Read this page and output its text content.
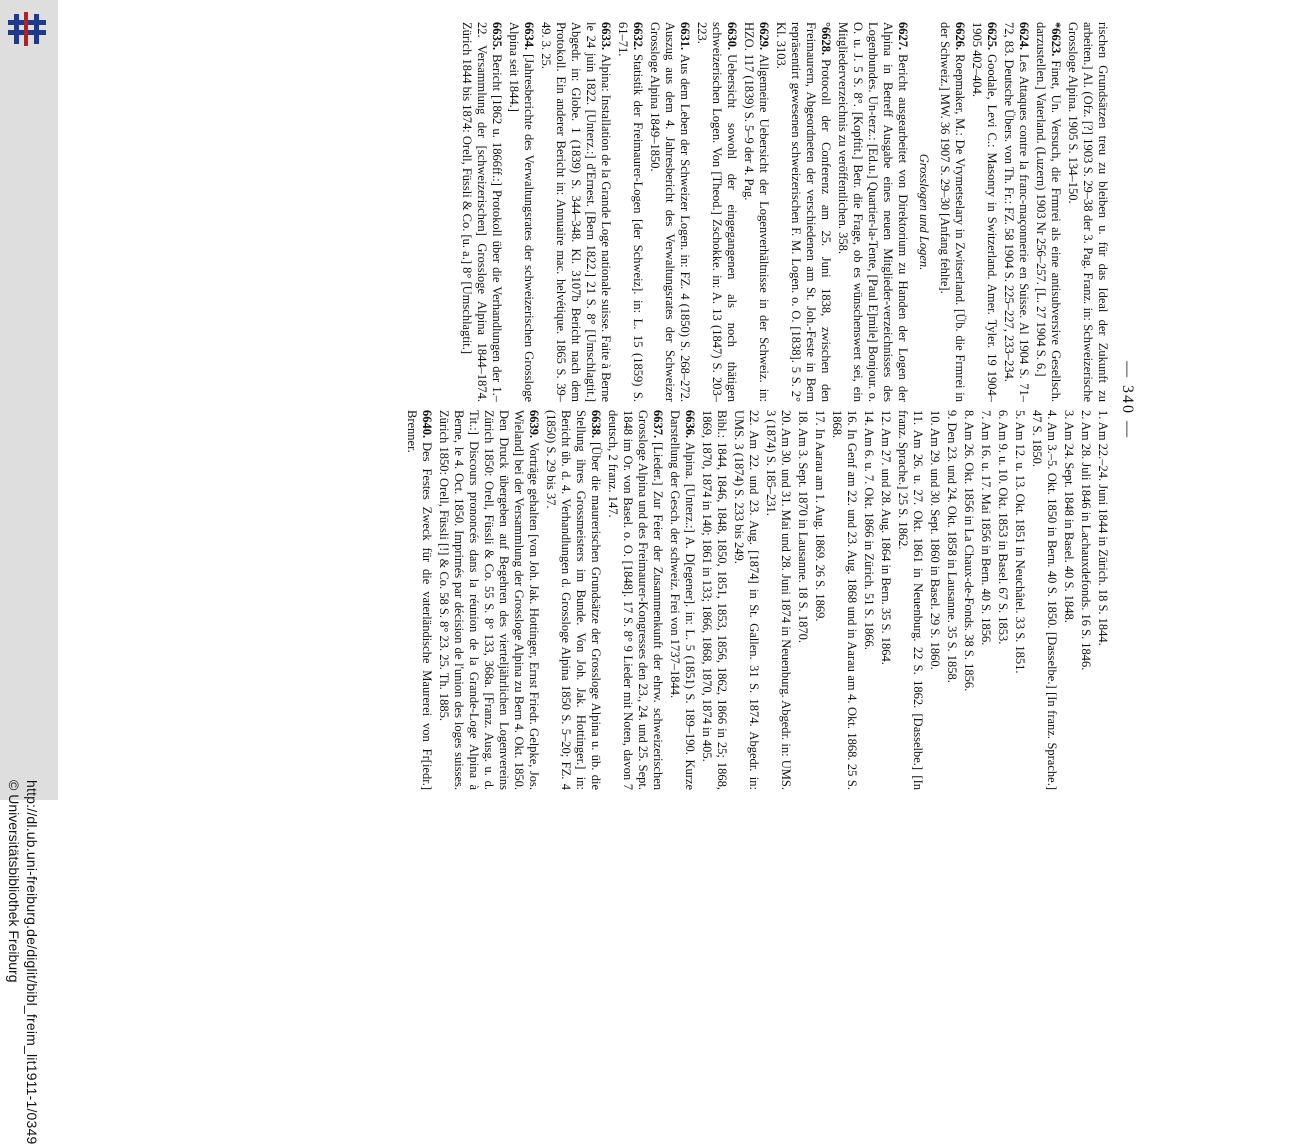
http://dl.ub.uni-freiburg.de/diglit/bibl_freim_lit1911-1/0349
© Universitätsbibliothek Freiburg
— 340 —
rischen Grundsätzen treu zu bleiben u. für das Ideal der Zukunft zu arbeiten.] Al. (Ofz. [?] 1903 S. 29–38 der 3. Pag. Franz. in: Schweizerische Grossloge Alpina. 1905 S. 134–150.
*6623.Finet, Un. Versuch, die Frmrei als eine antisubversive Gesellsch. darzustellen.] Vaterland. (Luzern) 1903 Nr 256–257. [L. 27 1904 S. 6.]
6624.Les Attaques contre la franc-maçonnerie en Suisse. Al 1904 S. 71–72, 83. Deutsche Übers. von Th. Fr.: FZ. 58 1904 S. 225–227, 233–234.
6625.Goodale, Levi C.: Masonry in Switzerland. Amer. Tyler. 19 1904–1905 402–404.
6626.Roepmaker, M.: De Vrymetselary in Zwitserland. [Üb. die Frmrei in der Schweiz.] MW. 36 1907 S. 29–30 [Anfang fehlte].
Grosslogen und Logen.
6627.Bericht ausgearbeitet von Direktorium zu Handen der Logen der Alpina in Betreff Ausgabe eines neuen Mitglieder-verzeichnisses des Logenbundes. Un-terz.: [Ed.u.] Quartier-la-Tente, [Paul E]mile] Bonjour. o. O. u. J. 5 S. 8°. [Kopftit.] Betr. die Frage, ob es wünschenswert sei, ein Mitgliederverzeichnis zu veröffentlichen. 358.
°6628.Protocoll der Conferenz am 25. Juni 1838, zwischen den Freimaurern, Abgeordneten der verschiedenen am St. Joh.-Feste in Bern repräsentirt gewesenen schweizerischen F. M. Logen. o. O. [1838]. 5 S. 2° Kl. 3103.
6629.Allgemeine Uebersicht der Logenverhältnisse in der Schweiz. in: HZO. 117 (1839) S. 5–9 der 4. Pag.
6630.Uebersicht sowohl der eingegangenen als noch thätigen schweizerischen Logen. Von [Theod.] Zschokke. in: A. 13 (1847) S. 203–223.
6631.Aus dem Leben der Schweizer Logen. in: FZ. 4 (1850) S. 268–272. Auszug aus dem 4. Jahresbericht des Verwaltungsrates der Schweizer Grossloge Alpina 1849–1850.
6632.Statistik der Freimaurer-Logen [der Schweiz]. in: L. 15 (1859) S. 61–71.
6633.Alpina: Installation de la Grande Loge nationale suisse. Faite à Berne le 24 juin 1822. [Unterz.:] d'Ernest. [Bern 1822.] 21 S. 8° [Umschlagtit.] Abgedr. in: Globe. 1 (1839) S. 344–348. Kl. 3107b Bericht nach dem Protokoll. Ein anderer Bericht in: Annuaire mac. helvétique. 1865 S. 39–49. 3. 25.
6634.[Jahresberichte des Verwaltungsrates der schweizerischen Grossloge Alpina seit 1844.]
6635.Bericht [1862 u. 1866ff.:] Protokoll über die Verhandlungen der 1.–22. Versammlung der [schweizerischen] Grossloge Alpina 1844–1874. Zürich 1844 bis 1874: Orell, Füssli & Co. [u. a.] 8° [Umschlagtit.]
1. Am 22.–24. Juni 1844 in Zürich. 18 S. 1844.
2. Am 28. Juli 1846 in Lachauxdefonds. 16 S. 1846.
3. Am 24. Sept. 1848 in Basel. 40 S. 1848.
4. Am 3.–5. Okt. 1850 in Bern. 40 S. 1850. [Dasselbe.] [In franz. Sprache.] 47 S. 1850.
5. Am 12. u. 13. Okt. 1851 in Neuchâtel. 33 S. 1851.
6. Am 9. u. 10. Okt. 1853 in Basel. 67 S. 1853.
7. Am 16. u. 17. Mai 1856 in Bern. 40 S. 1856.
8. Am 26. Okt. 1856 in La Chaux-de-Fonds. 38 S. 1856.
9. Den 23. und 24. Okt. 1858 in Lausanne. 35 S. 1858.
10. Am 29. und 30. Sept. 1860 in Basel. 29 S. 1860.
11. Am 26. u. 27. Okt. 1861 in Neuenburg. 22 S. 1862. [Dasselbe.] [In franz. Sprache.] 25 S. 1862.
12. Am 27. und 28. Aug. 1864 in Bern. 35 S. 1864.
14. Am 6. u. 7. Okt. 1866 in Zürich. 51 S. 1866.
16. In Genf am 22. und 23. Aug. 1868 und in Aarau am 4. Okt. 1868. 25 S. 1868.
17. In Aarau am 1. Aug. 1869. 26 S. 1869.
18. Am 3. Sept. 1870 in Lausanne. 18 S. 1870.
20. Am 30. und 31. Mai und 28. Juni 1874 in Neuenburg. Abgedr. in: UMS. 3 (1874) S. 185–231.
22. Am 22. und 23. Aug. [1874] in St. Gallen. 31 S. 1874. Abgedr. in: UMS. 3 (1874) S. 233 bis 249.
Bibl.: 1844, 1846, 1848, 1850, 1851, 1853, 1856, 1862, 1866 in 25; 1868, 1869, 1870, 1874 in 140; 1861 in 133; 1866, 1868, 1870, 1874 in 405.
6636.Alpina. [Unterz.:] A. D[egener]. in: L. 5 (1851) S. 189–190. Kurze Darstellung der Gesch. der schweiz. Frei von 1737–1844.
6637.[Lieder.] Zur Feier der Zusammenkunft der ehrw. schweizerischen Grossloge Alpina und des Freimaurer-Kongresses den 23., 24. und 25. Sept. 1848 im Or. von Basel. o. O. [1848]. 17 S. 8° 9 Lieder mit Noten, davon 7 deutsch, 2 franz. 147.
6638.[Über die maurerischen Grundsätze der Grossloge Alpina u. üb. die Stellung ihres Grossmeisters im Bunde. Von Joh. Jak. Hottinger.] in: Bericht üb. d. 4. Verhandlungen d. Grossloge Alpina 1850 S. 5–20; FZ. 4 (1850) S. 29 bis 37.
6639.Vorträge gehalten [von Joh. Jak. Hottinger, Ernst Friedr. Gelpke, Jos. Wieland] bei der Versammlung der Grossloge Alpina zu Bern 4. Okt. 1850. Den Druck übergeben auf Begehren des vierteljährlichen Logenvereins Zürich 1850: Orell, Füssli & Co. 55 S. 8° 133, 368a. [Franz. Ausg. u. d. Tit.:] Discours prononcés dans la réunion de la Grande-Loge Alpina à Berne, le 4. Oct. 1850. Imprimés par décision de l'union des loges suisses. Zürich 1850: Orell, Füssli [!] & Co. 58 S. 8° 23. 25. Th. 1885.
6640.Des Festes Zweck für die vaterländische Maurerei von Fr[iedr.] Brenner.
